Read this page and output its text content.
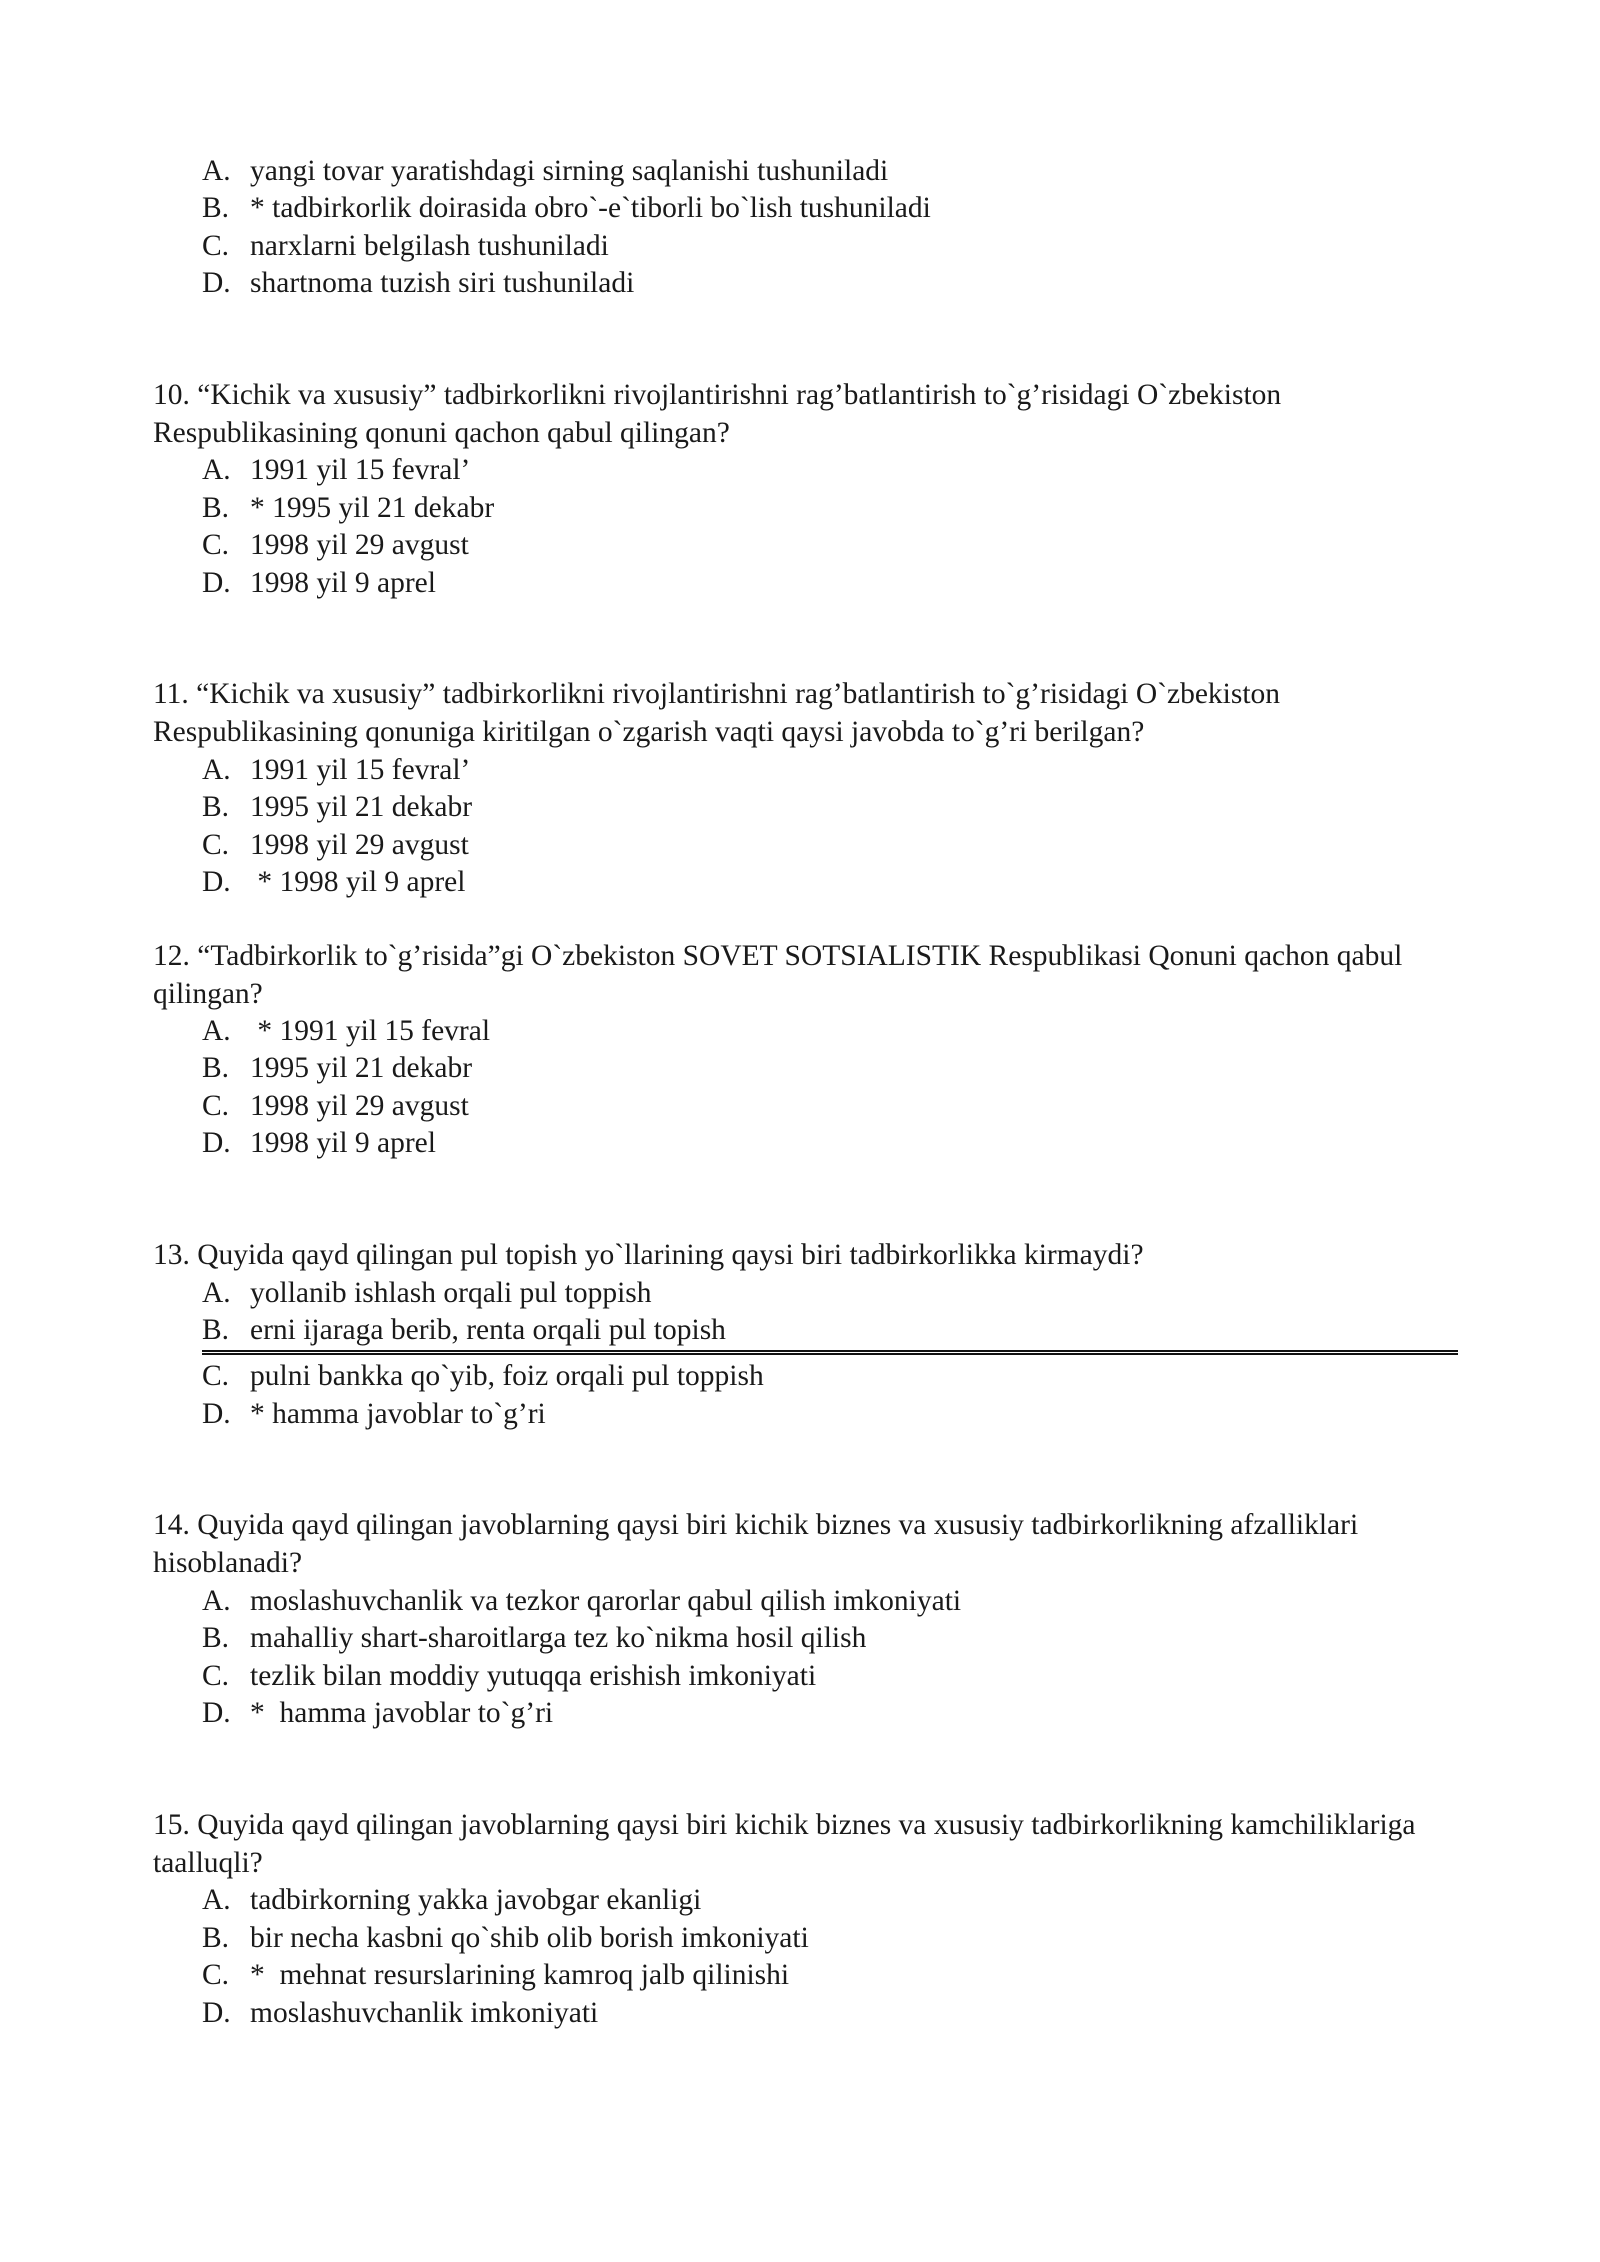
A. yangi tovar yaratishdagi sirning saqlanishi tushuniladi
B. * tadbirkorlik doirasida obro`-e`tiborli bo`lish tushuniladi
C. narxlarni belgilash tushuniladi
D. shartnoma tuzish siri tushuniladi

10. “Kichik va xususiy” tadbirkorlikni rivojlantirishni rag’batlantirish to`g’risidagi O`zbekiston Respublikasining qonuni qachon qabul qilingan?

A. 1991 yil 15 fevral’
B. * 1995 yil 21 dekabr
C. 1998 yil 29 avgust
D. 1998 yil 9 aprel

11. “Kichik va xususiy” tadbirkorlikni rivojlantirishni rag’batlantirish to`g’risidagi O`zbekiston Respublikasining qonuniga kiritilgan o`zgarish vaqti qaysi javobda to`g’ri berilgan?

A. 1991 yil 15 fevral’
B. 1995 yil 21 dekabr
C. 1998 yil 29 avgust
D. * 1998 yil 9 aprel

12. “Tadbirkorlik to`g’risida”gi O`zbekiston SOVET SOTSIALISTIK Respublikasi Qonuni qachon qabul qilingan?

A. * 1991 yil 15 fevral
B. 1995 yil 21 dekabr
C. 1998 yil 29 avgust
D. 1998 yil 9 aprel

13. Quyida qayd qilingan pul topish yo`llarining qaysi biri tadbirkorlikka kirmaydi?

A. yollanib ishlash orqali pul toppish
B. erni ijaraga berib, renta orqali pul topish
C. pulni bankka qo`yib, foiz orqali pul toppish
D. * hamma javoblar to`g’ri

14. Quyida qayd qilingan javoblarning qaysi biri kichik biznes va xususiy tadbirkorlikning afzalliklari hisoblanadi?

A. moslashuvchanlik va tezkor qarorlar qabul qilish imkoniyati
B. mahalliy shart-sharoitlarga tez ko`nikma hosil qilish
C. tezlik bilan moddiy yutuqqa erishish imkoniyati
D. *  hamma javoblar to`g’ri

15. Quyida qayd qilingan javoblarning qaysi biri kichik biznes va xususiy tadbirkorlikning kamchiliklariga taalluqli?

A. tadbirkorning yakka javobgar ekanligi
B. bir necha kasbni qo`shib olib borish imkoniyati
C. *  mehnat resurslarining kamroq jalb qilinishi
D. moslashuvchanlik imkoniyati
